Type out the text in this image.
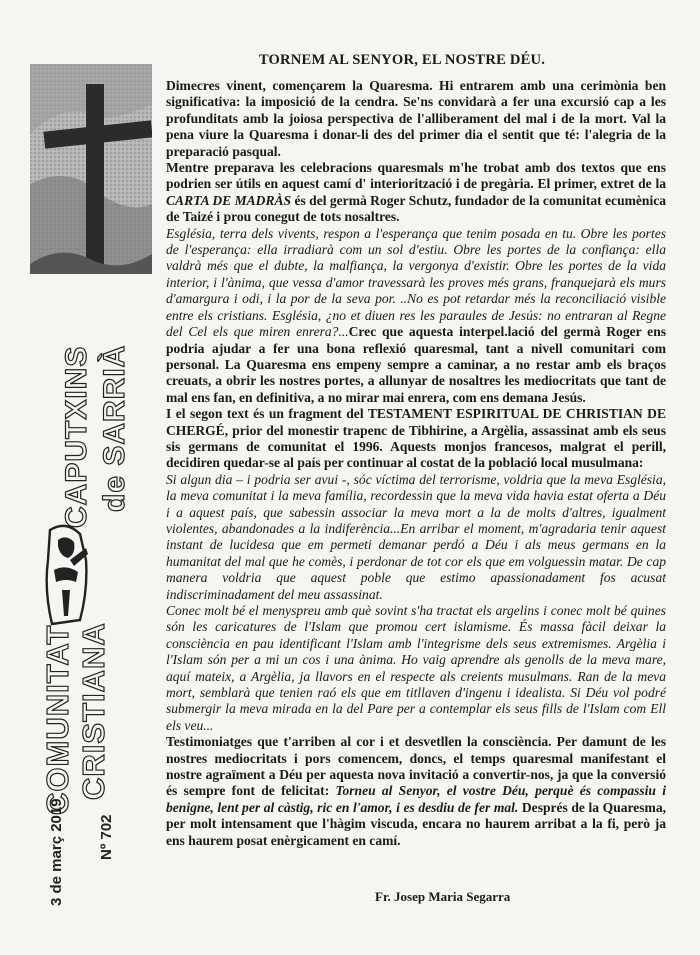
CAPUTXINS de SARRIÀ
COMUNITAT CRISTIANA
3 de març 2019 Nº 702
TORNEM AL SENYOR, EL NOSTRE DÉU.

Dimecres vinent, començarem la Quaresma. Hi entrarem amb una cerimònia ben significativa: la imposició de la cendra. Se'ns convidarà a fer una excursió cap a les profunditats amb la joiosa perspectiva de l'alliberament del mal i de la mort. Val la pena viure la Quaresma i donar-li des del primer dia el sentit que té: l'alegria de la preparació pasqual.

Mentre preparava les celebracions quaresmals m'he trobat amb dos textos que ens podrien ser útils en aquest camí d' interiorització i de pregària. El primer, extret de la CARTA DE MADRÀS és del germà Roger Schutz, fundador de la comunitat ecumènica de Taizé i prou conegut de tots nosaltres.

Església, terra dels vivents, respon a l'esperança que tenim posada en tu. Obre les portes de l'esperança: ella irradiarà com un sol d'estiu. Obre les portes de la confiança: ella valdrà més que el dubte, la malfiança, la vergonya d'existir. Obre les portes de la vida interior, i l'ànima, que vessa d'amor travessarà les proves més grans, franquejarà els murs d'amargura i odi, i la por de la seva por. ..No es pot retardar més la reconciliació visible entre els cristians. Església, ¿no et diuen res les paraules de Jesús: no entraran al Regne del Cel els que miren enrera?...Crec que aquesta interpel.lació del germà Roger ens podria ajudar a fer una bona reflexió quaresmal, tant a nivell comunitari com personal. La Quaresma ens empeny sempre a caminar, a no restar amb els braços creuats, a obrir les nostres portes, a allunyar de nosaltres les mediocritats que tant de mal ens fan, en definitiva, a no mirar mai enrera, com ens demana Jesús.

I el segon text és un fragment del TESTAMENT ESPIRITUAL DE CHRISTIAN DE CHERGÉ, prior del monestir trapenc de Tibhirine, a Argèlia, assassinat amb els seus sis germans de comunitat el 1996. Aquests monjos francesos, malgrat el perill, decidiren quedar-se al país per continuar al costat de la població local musulmana:

Si algun dia – i podria ser avui -, sóc víctima del terrorisme, voldria que la meva Església, la meva comunitat i la meva família, recordessin que la meva vida havia estat oferta a Déu i a aquest país, que sabessin associar la meva mort a la de molts d'altres, igualment violentes, abandonades a la indiferència...En arribar el moment, m'agradaria tenir aquest instant de lucidesa que em permeti demanar perdó a Déu i als meus germans en la humanitat del mal que he comès, i perdonar de tot cor els que em volguessin matar. De cap manera voldria que aquest poble que estimo apassionadament fos acusat indiscriminadament del meu assassinat.

Conec molt bé el menyspreu amb què sovint s'ha tractat els argelins i conec molt bé quines són les caricatures de l'Islam que promou cert islamisme. És massa fàcil deixar la consciència en pau identificant l'Islam amb l'integrisme dels seus extremismes. Argèlia i l'Islam són per a mi un cos i una ànima. Ho vaig aprendre als genolls de la meva mare, aquí mateix, a Argèlia, ja llavors en el respecte als creients musulmans. Ran de la meva mort, semblarà que tenien raó els que em titllaven d'ingenu i idealista. Si Déu vol podré submergir la meva mirada en la del Pare per a contemplar els seus fills de l'Islam com Ell els veu...

Testimoniatges que t'arriben al cor i et desvetllen la consciència. Per damunt de les nostres mediocritats i pors comencem, doncs, el temps quaresmal manifestant el nostre agraïment a Déu per aquesta nova invitació a convertir-nos, ja que la conversió és sempre font de felicitat: Torneu al Senyor, el vostre Déu, perquè és compassiu i benigne, lent per al càstig, ric en l'amor, i es desdiu de fer mal. Després de la Quaresma, per molt intensament que l'hàgim viscuda, encara no haurem arribat a la fi, però ja ens haurem posat enèrgicament en camí.

Fr. Josep Maria Segarra
